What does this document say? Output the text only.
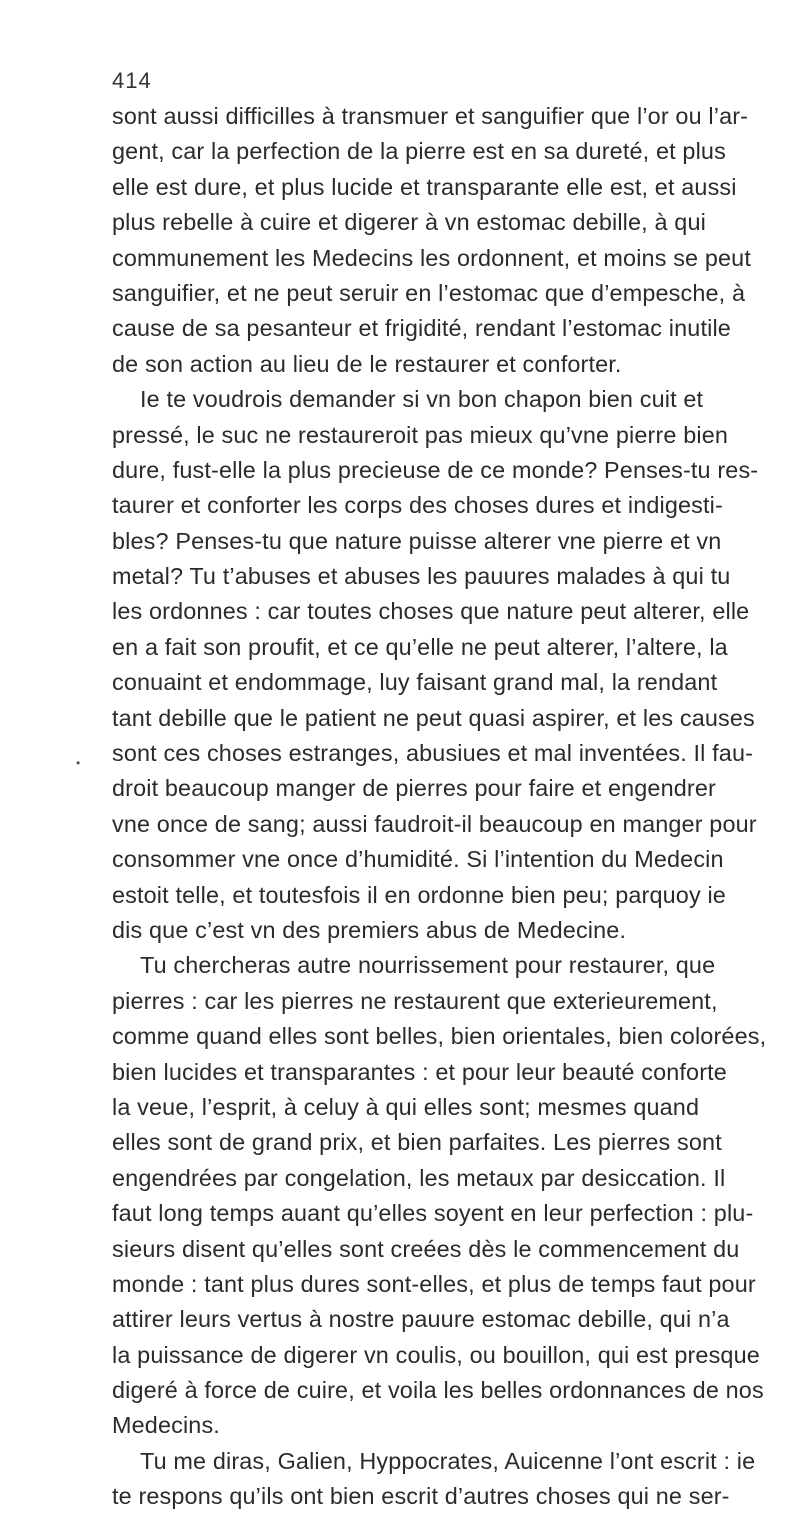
414
•
sont aussi difficilles à transmuer et sanguifier que l’or ou l’ar-
gent, car la perfection de la pierre est en sa dureté, et plus
elle est dure, et plus lucide et transparante elle est, et aussi
plus rebelle à cuire et digerer à vn estomac debille, à qui
communement les Medecins les ordonnent, et moins se peut
sanguifier, et ne peut seruir en l’estomac que d’empesche, à
cause de sa pesanteur et frigidité, rendant l’estomac inutile
de son action au lieu de le restaurer et conforter.
Ie te voudrois demander si vn bon chapon bien cuit et
pressé, le suc ne restaureroit pas mieux qu’vne pierre bien
dure, fust-elle la plus precieuse de ce monde? Penses-tu res-
taurer et conforter les corps des choses dures et indigesti-
bles? Penses-tu que nature puisse alterer vne pierre et vn
metal? Tu t’abuses et abuses les pauures malades à qui tu
les ordonnes : car toutes choses que nature peut alterer, elle
en a fait son proufit, et ce qu’elle ne peut alterer, l’altere, la
conuaint et endommage, luy faisant grand mal, la rendant
tant debille que le patient ne peut quasi aspirer, et les causes
sont ces choses estranges, abusiues et mal inventées. Il fau-
droit beaucoup manger de pierres pour faire et engendrer
vne once de sang; aussi faudroit-il beaucoup en manger pour
consommer vne once d’humidité. Si l’intention du Medecin
estoit telle, et toutesfois il en ordonne bien peu; parquoy ie
dis que c’est vn des premiers abus de Medecine.
Tu chercheras autre nourrissement pour restaurer, que
pierres : car les pierres ne restaurent que exterieurement,
comme quand elles sont belles, bien orientales, bien colorées,
bien lucides et transparantes : et pour leur beauté conforte
la veue, l’esprit, à celuy à qui elles sont; mesmes quand
elles sont de grand prix, et bien parfaites. Les pierres sont
engendrées par congelation, les metaux par desiccation. Il
faut long temps auant qu’elles soyent en leur perfection : plu-
sieurs disent qu’elles sont creées dès le commencement du
monde : tant plus dures sont-elles, et plus de temps faut pour
attirer leurs vertus à nostre pauure estomac debille, qui n’a
la puissance de digerer vn coulis, ou bouillon, qui est presque
digeré à force de cuire, et voila les belles ordonnances de nos
Medecins.
Tu me diras, Galien, Hyppocrates, Auicenne l’ont escrit : ie
te respons qu’ils ont bien escrit d’autres choses qui ne ser-
